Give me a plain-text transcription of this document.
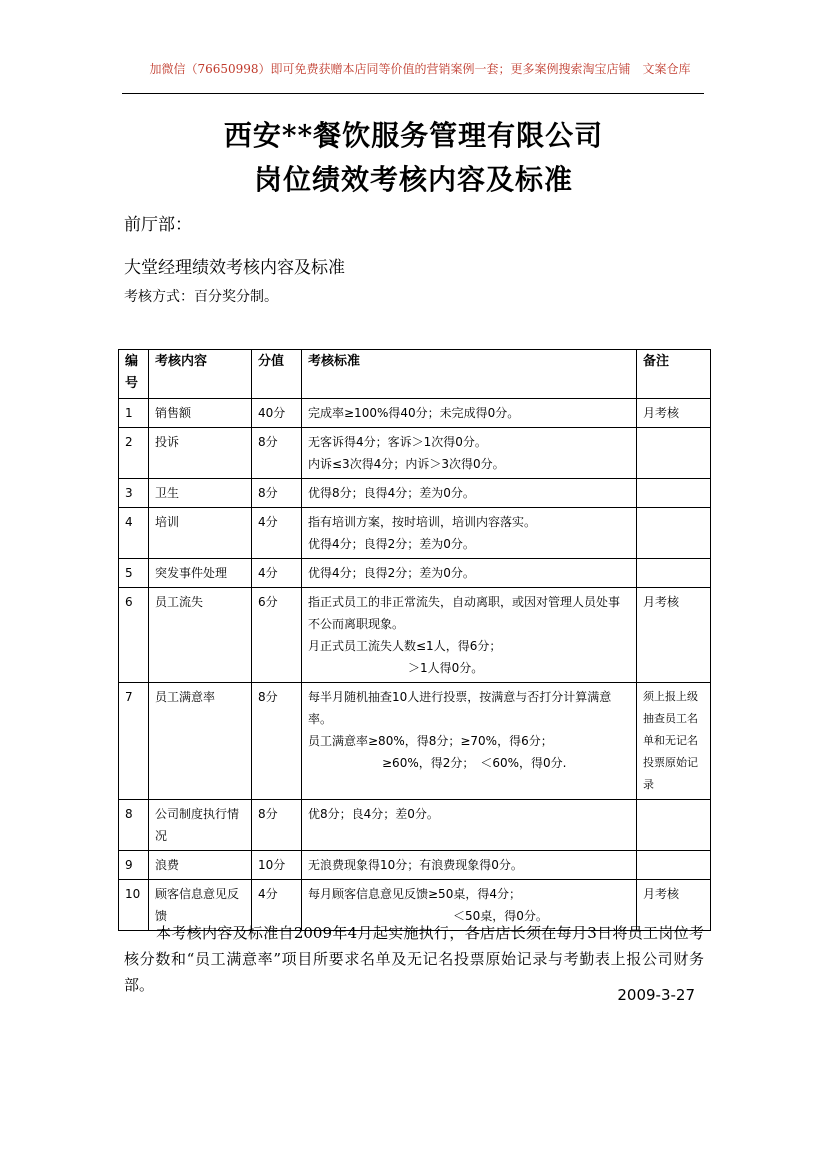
加微信（76650998）即可免费获赠本店同等价值的营销案例一套；更多案例搜索淘宝店铺　文案仓库
西安**餐饮服务管理有限公司
岗位绩效考核内容及标准
前厅部：
大堂经理绩效考核内容及标准
考核方式：百分奖分制。
编号	考核内容	分值	考核标准	备注
1	销售额	40分	完成率≥100%得40分；未完成得0分。	月考核
2	投诉	8分	无客诉得4分；客诉＞1次得0分。
内诉≤3次得4分；内诉＞3次得0分。	

3	卫生	8分	优得8分；良得4分；差为0分。	

4	培训	4分	指有培训方案，按时培训，培训内容落实。
优得4分；良得2分；差为0分。	

5	突发事件处理	4分	优得4分；良得2分；差为0分。	

6	员工流失	6分	指正式员工的非正常流失，自动离职，或因对管理人员处事不公而离职现象。
月正式员工流失人数≤1人，得6分；
＞1人得0分。	月考核
7	员工满意率	8分	每半月随机抽查10人进行投票，按满意与否打分计算满意率。
员工满意率≥80%，得8分；≥70%，得6分；
≥60%，得2分；　＜60%，得0分.	须上报上级抽查员工名单和无记名投票原始记录
8	公司制度执行情况	8分	优8分；良4分；差0分。	

9	浪费	10分	无浪费现象得10分；有浪费现象得0分。	

10	顾客信息意见反馈	4分	每月顾客信息意见反馈≥50桌，得4分；
＜50桌，得0分。	月考核
本考核内容及标准自2009年4月起实施执行，各店店长须在每月3日将员工岗位考核分数和“员工满意率”项目所要求名单及无记名投票原始记录与考勤表上报公司财务部。
2009-3-27
